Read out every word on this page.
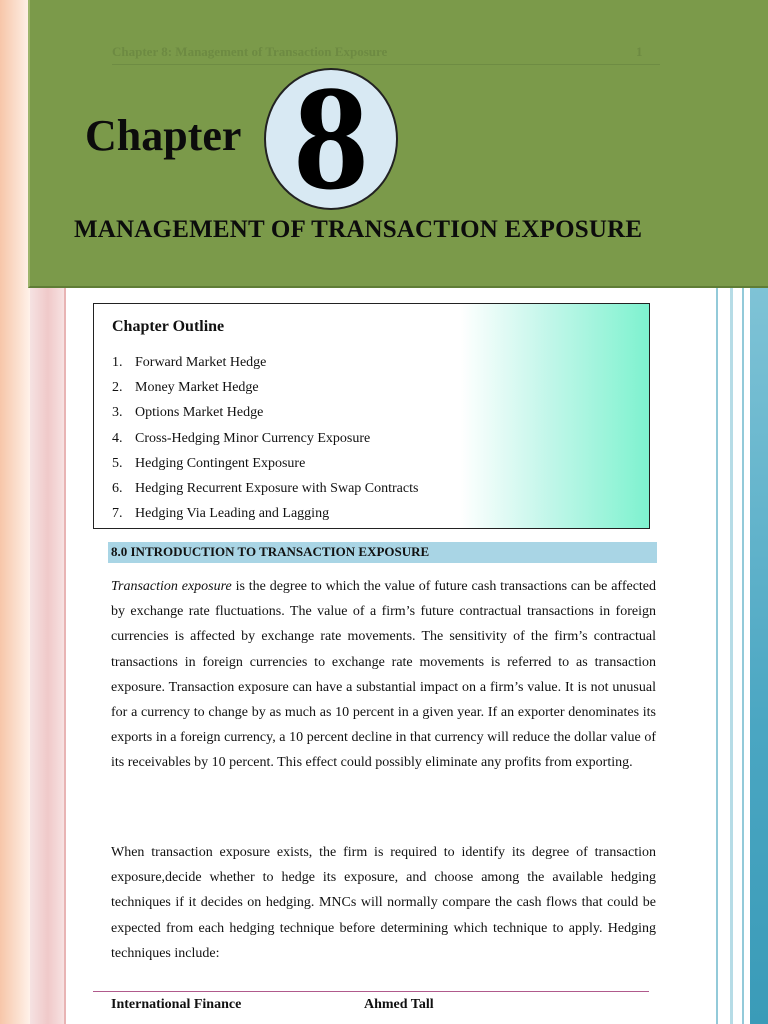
Chapter 8: Management of Transaction Exposure	1
Chapter 8
MANAGEMENT OF TRANSACTION EXPOSURE
Chapter Outline
1. Forward Market Hedge
2. Money Market Hedge
3. Options Market Hedge
4. Cross-Hedging Minor Currency Exposure
5. Hedging Contingent Exposure
6. Hedging Recurrent Exposure with Swap Contracts
7. Hedging Via Leading and Lagging
8.0 INTRODUCTION TO TRANSACTION EXPOSURE

Transaction exposure is the degree to which the value of future cash transactions can be affected by exchange rate fluctuations. The value of a firm’s future contractual transactions in foreign currencies is affected by exchange rate movements. The sensitivity of the firm’s contractual transactions in foreign currencies to exchange rate movements is referred to as transaction exposure. Transaction exposure can have a substantial impact on a firm’s value. It is not unusual for a currency to change by as much as 10 percent in a given year. If an exporter denominates its exports in a foreign currency, a 10 percent decline in that currency will reduce the dollar value of its receivables by 10 percent. This effect could possibly eliminate any profits from exporting.

When transaction exposure exists, the firm is required to identify its degree of transaction exposure,decide whether to hedge its exposure, and choose among the available hedging techniques if it decides on hedging. MNCs will normally compare the cash flows that could be expected from each hedging technique before determining which technique to apply. Hedging techniques include:

International Finance	Ahmed Tall
